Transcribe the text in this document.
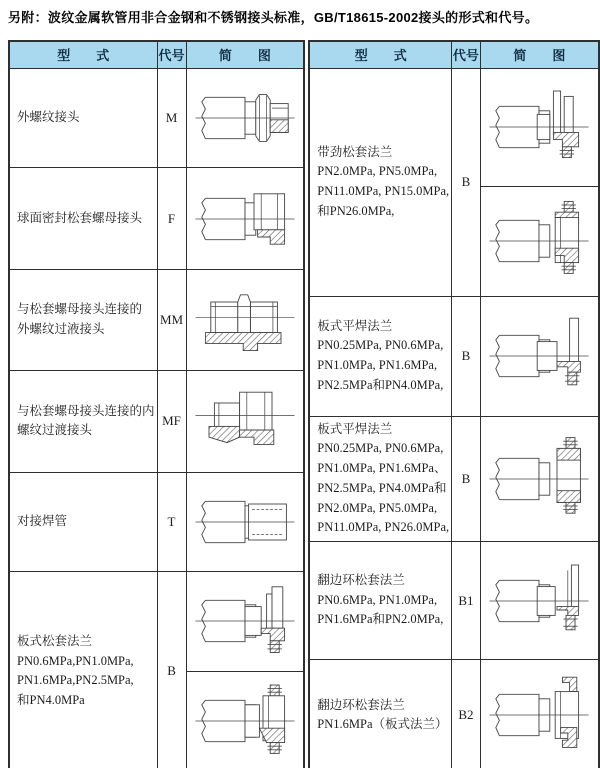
另附：波纹金属软管用非合金钢和不锈钢接头标准，GB/T18615-2002接头的形式和代号。
型　　式	代号	简　　图

外螺纹接头	M	

球面密封松套螺母接头	F	

与松套螺母接头连接的
外螺纹过液接头	MM	

与松套螺母接头连接的内
螺纹过渡接头	MF	

对接焊管	T	

板式松套法兰
PN0.6MPa,PN1.0MPa,
PN1.6MPa,PN2.5MPa,
和PN4.0MPa	B	

型　　式	代号	简　　图

带劲松套法兰
PN2.0MPa, PN5.0MPa,
PN11.0MPa, PN15.0MPa,
和PN26.0MPa,	B	

板式平焊法兰
PN0.25MPa, PN0.6MPa,
PN1.0MPa, PN1.6MPa,
PN2.5MPa和PN4.0MPa,	B	

板式平焊法兰
PN0.25MPa, PN0.6MPa,
PN1.0MPa, PN1.6MPa、
PN2.5MPa, PN4.0MPa和
PN2.0MPa, PN5.0MPa,
PN11.0MPa, PN26.0MPa,
	B	

翻边环松套法兰
PN0.6MPa, PN1.0MPa,
PN1.6MPa和PN2.0MPa,	B1	

翻边环松套法兰
PN1.6MPa（板式法兰）	B2	
